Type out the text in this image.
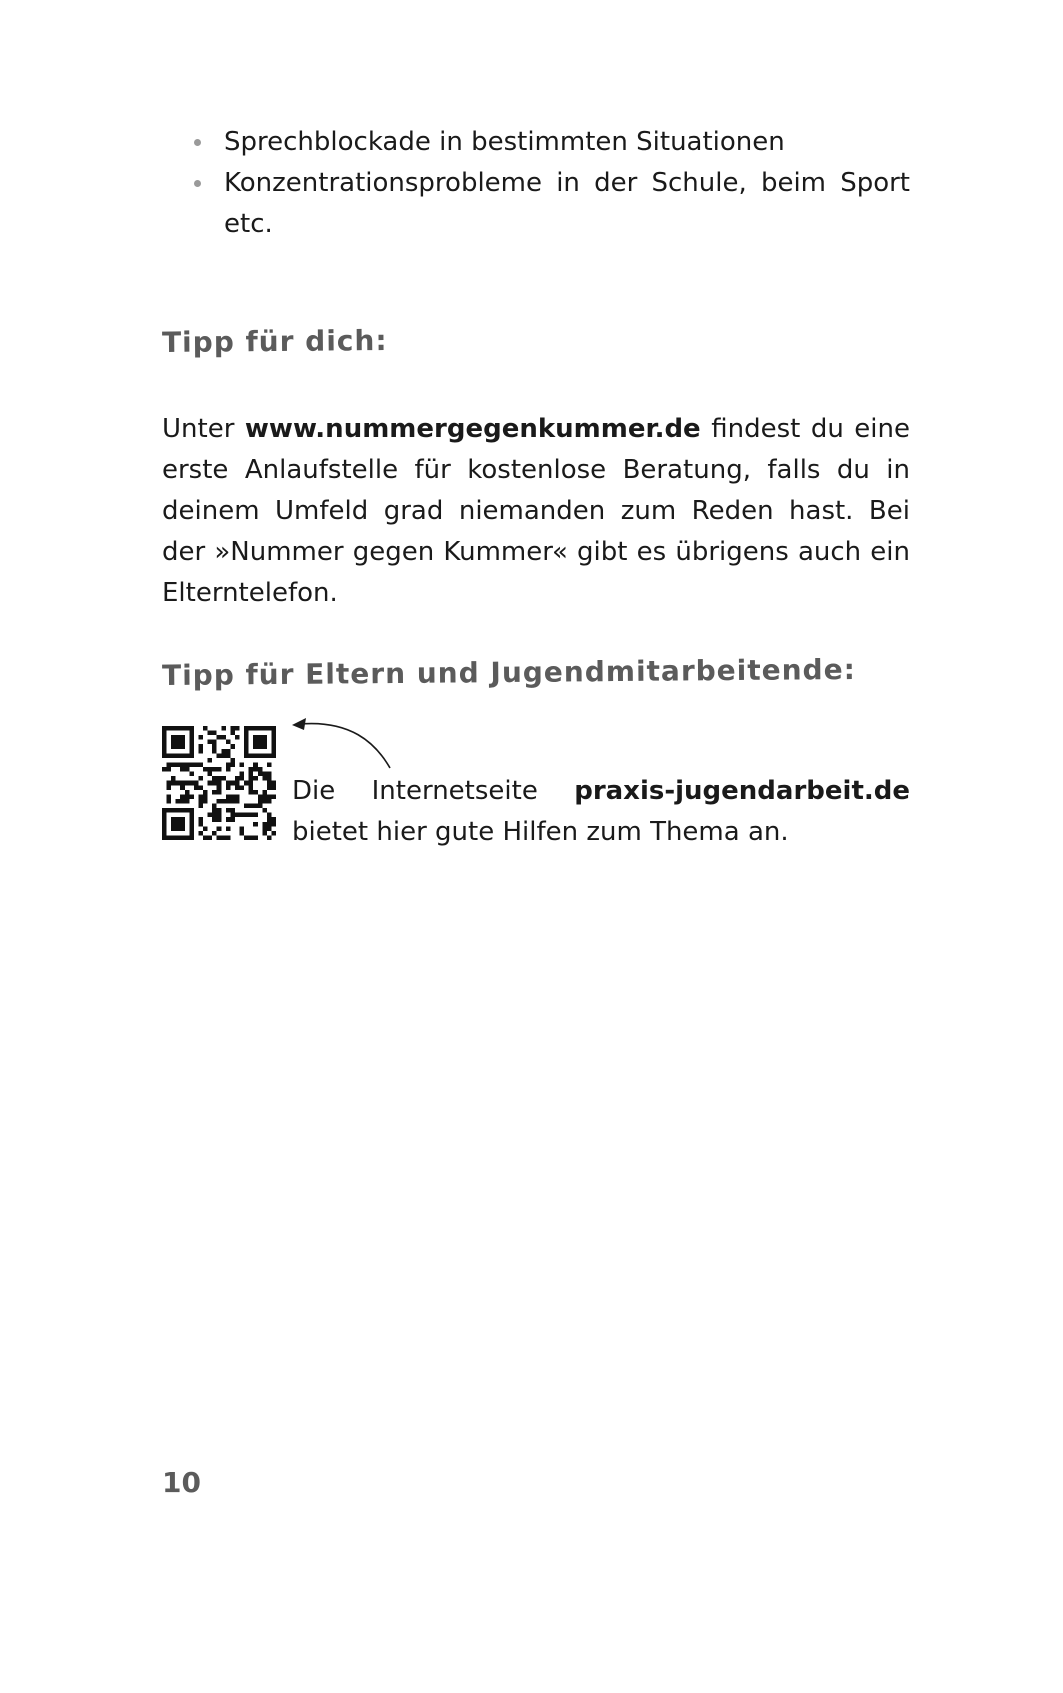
Sprechblockade in bestimmten Situationen
Konzentrationsprobleme in der Schule, beim Sport etc.
Tipp für dich:

Unter www.nummergegenkummer.de findest du eine erste Anlaufstelle für kostenlose Beratung, falls du in deinem Umfeld grad niemanden zum Reden hast. Bei der »Nummer gegen Kummer« gibt es übrigens auch ein Elterntelefon.

Tipp für Eltern und Jugendmitarbeitende:

Die Internetseite praxis-jugendarbeit.de bietet hier gute Hilfen zum Thema an.

10
